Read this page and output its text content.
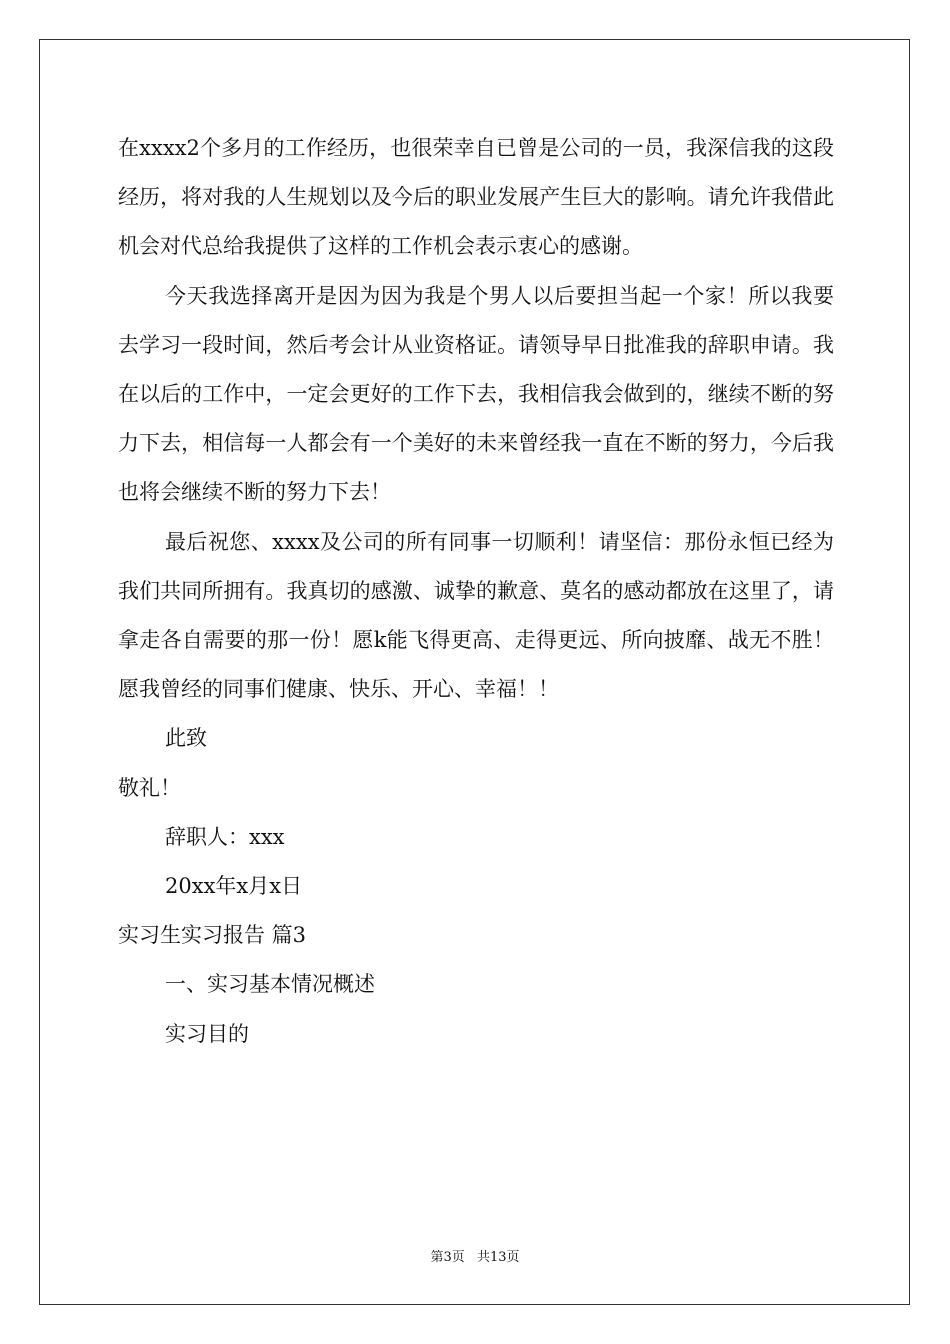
在xxxx2个多月的工作经历，也很荣幸自已曾是公司的一员，我深信我的这段经历，将对我的人生规划以及今后的职业发展产生巨大的影响。请允许我借此机会对代总给我提供了这样的工作机会表示衷心的感谢。

今天我选择离开是因为因为我是个男人以后要担当起一个家！所以我要去学习一段时间，然后考会计从业资格证。请领导早日批准我的辞职申请。我在以后的工作中，一定会更好的工作下去，我相信我会做到的，继续不断的努力下去，相信每一人都会有一个美好的未来曾经我一直在不断的努力，今后我也将会继续不断的努力下去！

最后祝您、xxxx及公司的所有同事一切顺利！请坚信：那份永恒已经为我们共同所拥有。我真切的感激、诚挚的歉意、莫名的感动都放在这里了，请拿走各自需要的那一份！愿k能飞得更高、走得更远、所向披靡、战无不胜！愿我曾经的同事们健康、快乐、开心、幸福！！

此致

敬礼！

辞职人：xxx

20xx年x月x日

实习生实习报告 篇3

一、实习基本情况概述

实习目的

第3页 共13页
